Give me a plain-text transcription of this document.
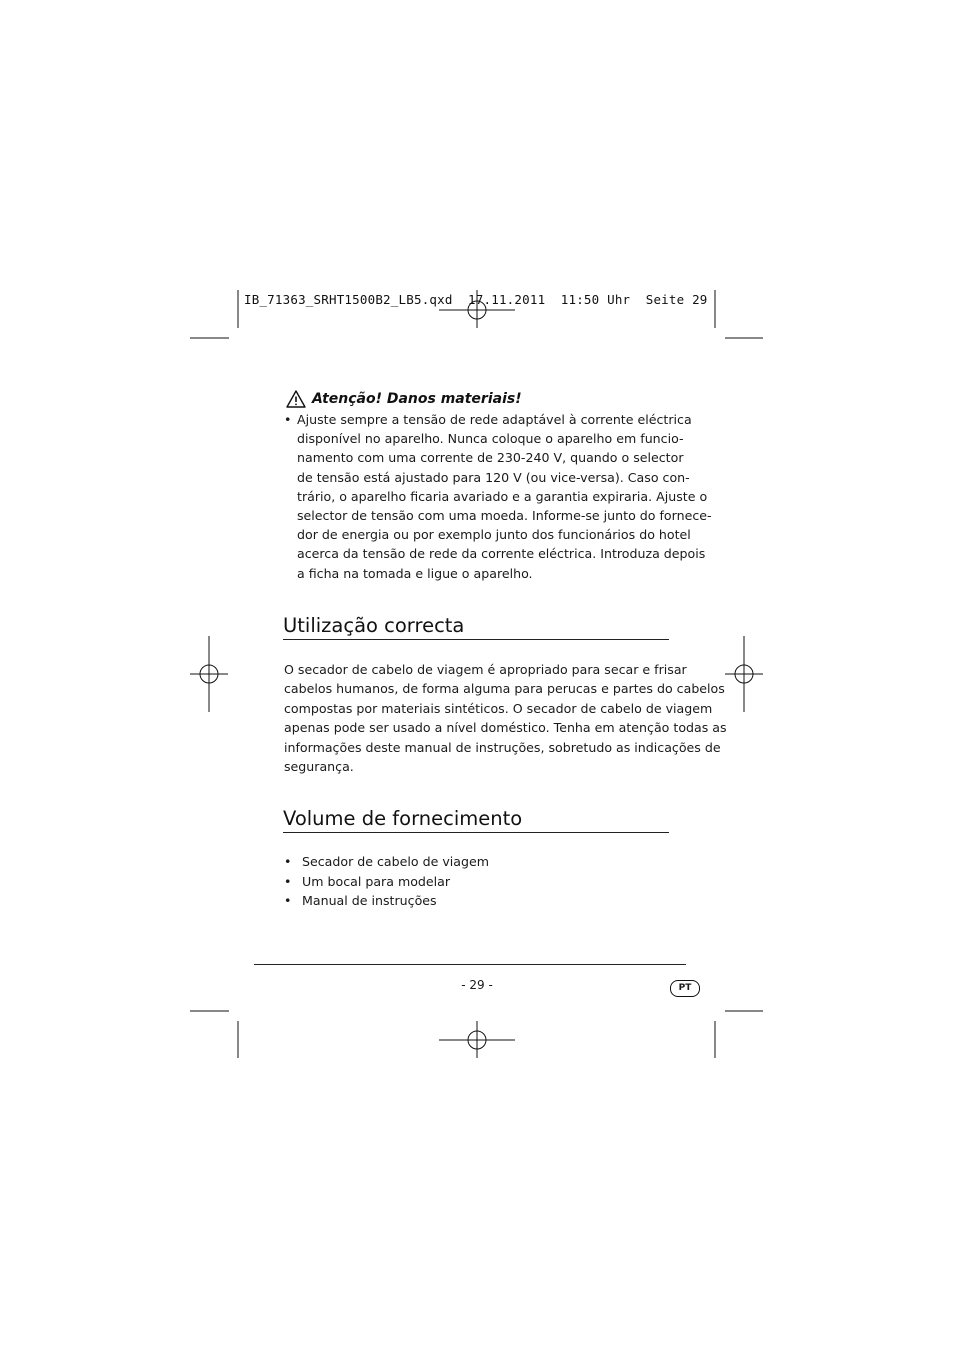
IB_71363_SRHT1500B2_LB5.qxd  17.11.2011  11:50 Uhr  Seite 29
Atenção! Danos materiais!
• Ajuste sempre a tensão de rede adaptável à corrente eléctrica
disponível no aparelho. Nunca coloque o aparelho em funcio-
namento com uma corrente de 230-240 V, quando o selector
de tensão está ajustado para 120 V (ou vice-versa). Caso con-
trário, o aparelho ficaria avariado e a garantia expiraria. Ajuste o
selector de tensão com uma moeda. Informe-se junto do fornece-
dor de energia ou por exemplo junto dos funcionários do hotel
acerca da tensão de rede da corrente eléctrica. Introduza depois
a ficha na tomada e ligue o aparelho.
Utilização correcta
O secador de cabelo de viagem é apropriado para secar e frisar
cabelos humanos, de forma alguma para perucas e partes do cabelos
compostas por materiais sintéticos. O secador de cabelo de viagem
apenas pode ser usado a nível doméstico. Tenha em atenção todas as
informações deste manual de instruções, sobretudo as indicações de
segurança.
Volume de fornecimento
• Secador de cabelo de viagem
• Um bocal para modelar
• Manual de instruções
- 29 -	PT
